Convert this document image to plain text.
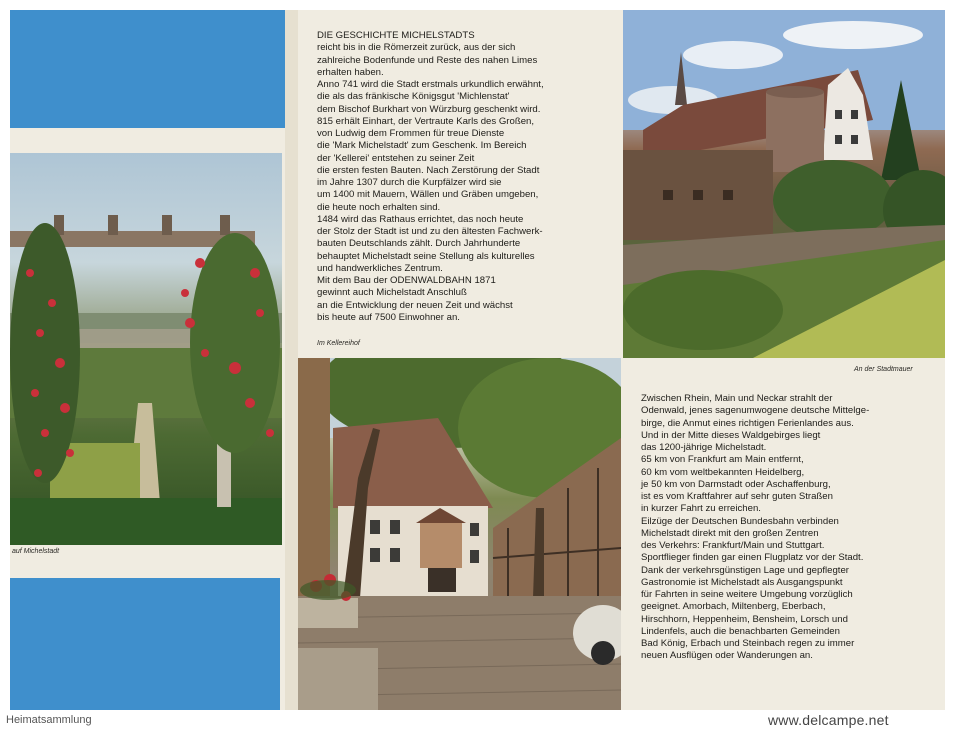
auf Michelstadt

DIE GESCHICHTE MICHELSTADTS

reicht bis in die Römerzeit zurück, aus der sich

zahlreiche Bodenfunde und Reste des nahen Limes

erhalten haben.

Anno 741 wird die Stadt erstmals urkundlich erwähnt,

die als das fränkische Königsgut 'Michlenstat'

dem Bischof Burkhart von Würzburg geschenkt wird.

815 erhält Einhart, der Vertraute Karls des Großen,

von Ludwig dem Frommen für treue Dienste

die 'Mark Michelstadt' zum Geschenk. Im Bereich

der 'Kellerei' entstehen zu seiner Zeit

die ersten festen Bauten. Nach Zerstörung der Stadt

im Jahre 1307 durch die Kurpfälzer wird sie

um 1400 mit Mauern, Wällen und Gräben umgeben,

die heute noch erhalten sind.

1484 wird das Rathaus errichtet, das noch heute

der Stolz der Stadt ist und zu den ältesten Fachwerk-

bauten Deutschlands zählt. Durch Jahrhunderte

behauptet Michelstadt seine Stellung als kulturelles

und handwerkliches Zentrum.

Mit dem Bau der ODENWALDBAHN 1871

gewinnt auch Michelstadt Anschluß

an die Entwicklung der neuen Zeit und wächst

bis heute auf 7500 Einwohner an.

Im Kellereihof
An der Stadtmauer

Zwischen Rhein, Main und Neckar strahlt der

Odenwald, jenes sagenumwogene deutsche Mittelge-

birge, die Anmut eines richtigen Ferienlandes aus.

Und in der Mitte dieses Waldgebirges liegt

das 1200-jährige Michelstadt.

65 km von Frankfurt am Main entfernt,

60 km vom weltbekannten Heidelberg,

je 50 km von Darmstadt oder Aschaffenburg,

ist es vom Kraftfahrer auf sehr guten Straßen

in kurzer Fahrt zu erreichen.

Eilzüge der Deutschen Bundesbahn verbinden

Michelstadt direkt mit den großen Zentren

des Verkehrs: Frankfurt/Main und Stuttgart.

Sportflieger finden gar einen Flugplatz vor der Stadt.

Dank der verkehrsgünstigen Lage und gepflegter

Gastronomie ist Michelstadt als Ausgangspunkt

für Fahrten in seine weitere Umgebung vorzüglich

geeignet. Amorbach, Miltenberg, Eberbach,

Hirschhorn, Heppenheim, Bensheim, Lorsch und

Lindenfels, auch die benachbarten Gemeinden

Bad König, Erbach und Steinbach regen zu immer

neuen Ausflügen oder Wanderungen an.

Heimatsammlung	www.delcampe.net
